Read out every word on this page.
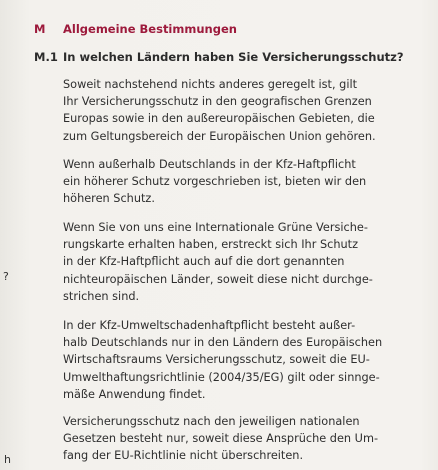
?
h
M Allgemeine Bestimmungen
M.1 In welchen Ländern haben Sie Versicherungsschutz?
Soweit nachstehend nichts anderes geregelt ist, gilt
Ihr Versicherungsschutz in den geografischen Grenzen
Europas sowie in den außereuropäischen Gebieten, die
zum Geltungsbereich der Europäischen Union gehören.
Wenn außerhalb Deutschlands in der Kfz-Haftpflicht
ein höherer Schutz vorgeschrieben ist, bieten wir den
höheren Schutz.
Wenn Sie von uns eine Internationale Grüne Versiche-
rungskarte erhalten haben, erstreckt sich Ihr Schutz
in der Kfz-Haftpflicht auch auf die dort genannten
nichteuropäischen Länder, soweit diese nicht durchge-
strichen sind.
In der Kfz-Umweltschadenhaftpflicht besteht außer-
halb Deutschlands nur in den Ländern des Europäischen
Wirtschaftsraums Versicherungsschutz, soweit die EU-
Umwelthaftungsrichtlinie (2004/35/EG) gilt oder sinnge-
mäße Anwendung findet.
Versicherungsschutz nach den jeweiligen nationalen
Gesetzen besteht nur, soweit diese Ansprüche den Um-
fang der EU-Richtlinie nicht überschreiten.
